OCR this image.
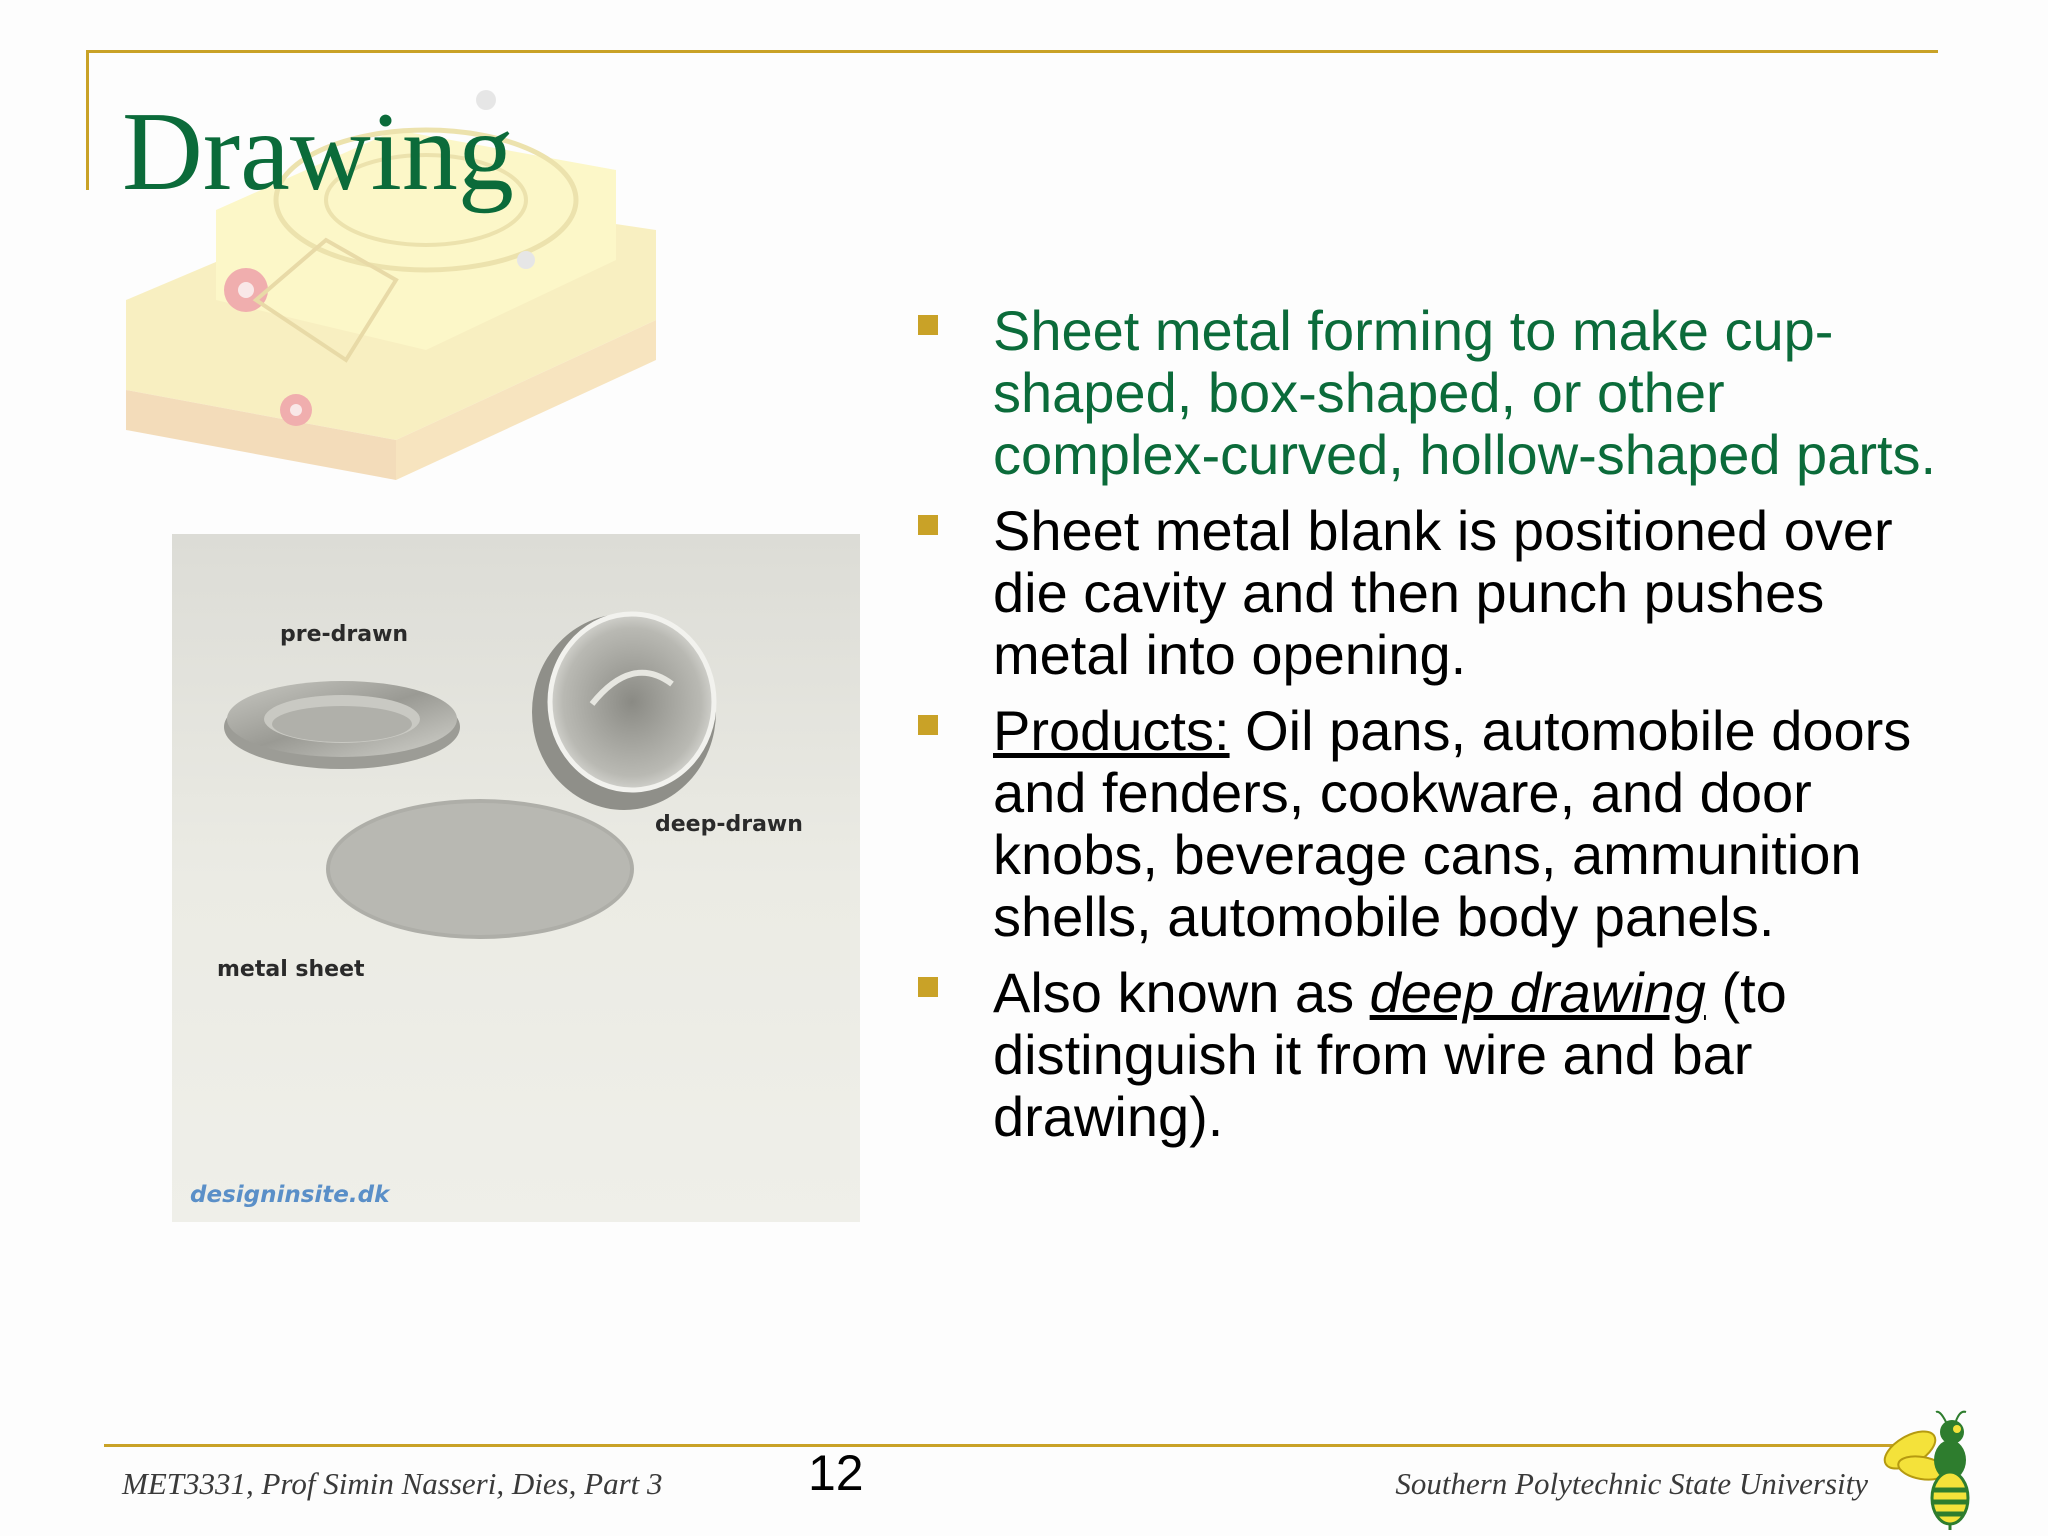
Drawing
pre-drawn
deep-drawn
metal sheet
designinsite.dk
Sheet metal forming to make cup-shaped, box-shaped, or other complex-curved, hollow-shaped parts.
Sheet metal blank is positioned over die cavity and then punch pushes metal into opening.
Products: Oil pans, automobile doors and fenders, cookware, and door knobs, beverage cans, ammunition shells, automobile body panels.
Also known as deep drawing (to distinguish it from wire and bar drawing).
MET3331, Prof Simin Nasseri, Dies, Part 3	12	Southern Polytechnic State University
